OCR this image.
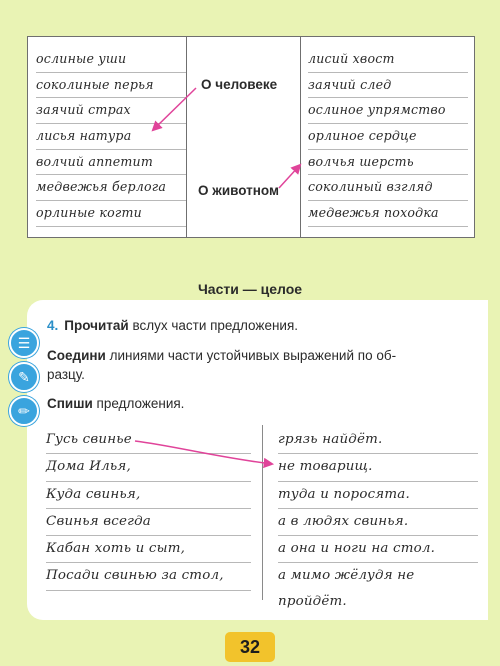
ослиные уши
соколиные перья
заячий страх
лисья натура
волчий аппетит
медвежья берлога
орлиные когти
О человеке
О животном
лисий хвост
заячий след
ослиное упрямство
орлиное сердце
волчья шерсть
соколиный взгляд
медвежья походка
Части — целое
4. Прочитай вслух части предложения.
Соедини линиями части устойчивых выражений по об-
разцу.
Спиши предложения.
☰
✎
✏
Гусь свинье
Дома Илья,
Куда свинья,
Свинья всегда
Кабан хоть и сыт,
Посади свинью за стол,
грязь найдёт.
не товарищ.
туда и поросята.
а в людях свинья.
а она и ноги на стол.
а мимо жёлудя не пройдёт.
32
